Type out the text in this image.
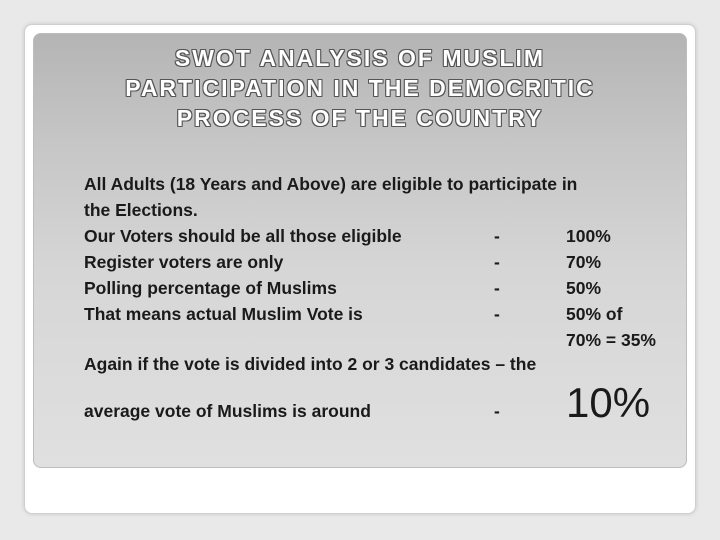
SWOT ANALYSIS OF MUSLIM
PARTICIPATION IN THE DEMOCRITIC
PROCESS OF THE COUNTRY
All Adults (18 Years and Above) are eligible to participate in
the Elections.
Our Voters should be all those eligible	-	100%
Register voters are only	-	70%
Polling percentage of Muslims	-	50%
That means actual Muslim Vote is	-	50% of
70% = 35%
Again if the vote is divided into 2 or 3 candidates – the
average vote of Muslims is around	- 10%
